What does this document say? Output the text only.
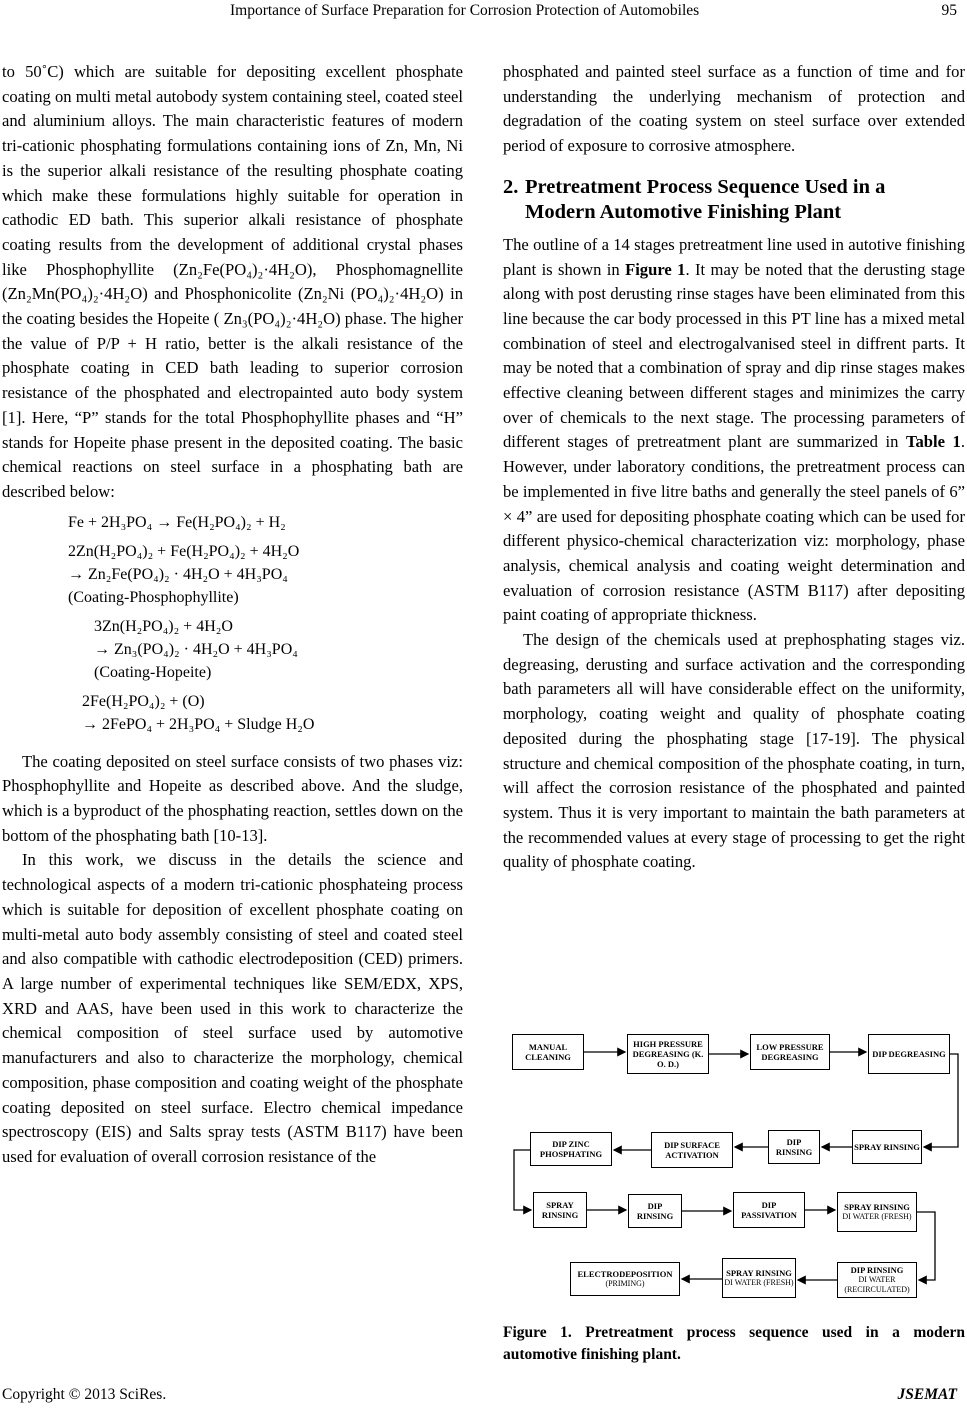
Importance of Surface Preparation for Corrosion Protection of Automobiles	95

to 50˚C) which are suitable for depositing excellent phosphate coating on multi metal autobody system containing steel, coated steel and aluminium alloys. The main characteristic features of modern tri-cationic phosphating formulations containing ions of Zn, Mn, Ni is the superior alkali resistance of the resulting phosphate coating which make these formulations highly suitable for operation in cathodic ED bath. This superior alkali resistance of phosphate coating results from the development of additional crystal phases like Phosphophyllite (Zn₂Fe(PO₄)₂·4H₂O), Phosphomagnellite (Zn₂Mn(PO₄)₂·4H₂O) and Phosphonicolite (Zn₂Ni (PO₄)₂·4H₂O) in the coating besides the Hopeite ( Zn₃(PO₄)₂·4H₂O) phase. The higher the value of P/P + H ratio, better is the alkali resistance of the phosphate coating in CED bath leading to superior corrosion resistance of the phosphated and electropainted auto body system [1]. Here, “P” stands for the total Phosphophyllite phases and “H” stands for Hopeite phase present in the deposited coating. The basic chemical reactions on steel surface in a phosphating bath are described below:

Fe + 2H₃PO₄ → Fe(H₂PO₄)₂ + H₂
2Zn(H₂PO₄)₂ + Fe(H₂PO₄)₂ + 4H₂O
→ Zn₂Fe(PO₄)₂ · 4H₂O + 4H₃PO₄
(Coating-Phosphophyllite)
3Zn(H₂PO₄)₂ + 4H₂O
→ Zn₃(PO₄)₂ · 4H₂O + 4H₃PO₄
(Coating-Hopeite)
2Fe(H₂PO₄)₂ + (O)
→ 2FePO₄ + 2H₃PO₄ + Sludge H₂O

The coating deposited on steel surface consists of two phases viz: Phosphophyllite and Hopeite as described above. And the sludge, which is a byproduct of the phosphating reaction, settles down on the bottom of the phosphating bath [10-13].

In this work, we discuss in the details the science and technological aspects of a modern tri-cationic phosphateing process which is suitable for deposition of excellent phosphate coating on multi-metal auto body assembly consisting of steel and coated steel and also compatible with cathodic electrodeposition (CED) primers. A large number of experimental techniques like SEM/EDX, XPS, XRD and AAS, have been used in this work to characterize the chemical composition of steel surface used by automotive manufacturers and also to characterize the morphology, chemical composition, phase composition and coating weight of the phosphate coating deposited on steel surface. Electro chemical impedance spectroscopy (EIS) and Salts spray tests (ASTM B117) have been used for evaluation of overall corrosion resistance of the

phosphated and painted steel surface as a function of time and for understanding the underlying mechanism of protection and degradation of the coating system on steel surface over extended period of exposure to corrosive atmosphere.

2. Pretreatment Process Sequence Used in a
Modern Automotive Finishing Plant

The outline of a 14 stages pretreatment line used in autotive finishing plant is shown in Figure 1. It may be noted that the derusting stage along with post derusting rinse stages have been eliminated from this line because the car body processed in this PT line has a mixed metal combination of steel and electrogalvanised steel in diffrent parts. It may be noted that a combination of spray and dip rinse stages makes effective cleaning between different stages and minimizes the carry over of chemicals to the next stage. The processing parameters of different stages of pretreatment plant are summarized in Table 1. However, under laboratory conditions, the pretreatment process can be implemented in five litre baths and generally the steel panels of 6” × 4” are used for depositing phosphate coating which can be used for different physico-chemical characterization viz: morphology, phase analysis, chemical analysis and coating weight determination and evaluation of corrosion resistance (ASTM B117) after depositing paint coating of appropriate thickness.

The design of the chemicals used at prephosphating stages viz. degreasing, derusting and surface activation and the corresponding bath parameters all will have considerable effect on the uniformity, morphology, coating weight and quality of phosphate coating deposited during the phosphating stage [17-19]. The physical structure and chemical composition of the phosphate coating, in turn, will affect the corrosion resistance of the phosphated and painted system. Thus it is very important to maintain the bath parameters at the recommended values at every stage of processing to get the right quality of phosphate coating.

Figure 1. Pretreatment process sequence used in a modern automotive finishing plant.
Copyright © 2013 SciRes.	JSEMAT
MANUAL CLEANING
HIGH PRESSURE DEGREASING (K. O. D.)
LOW PRESSURE DEGREASING	DIP DEGREASING
SPRAY RINSING
DIP RINSING
DIP SURFACE ACTIVATION
DIP ZINC PHOSPHATING
SPRAY RINSING
DIP RINSING
DIP PASSIVATION
SPRAY RINSING
DI WATER (FRESH)
DIP RINSING
DI WATER (RECIRCULATED)
SPRAY RINSING
DI WATER (FRESH)
ELECTRODEPOSITION
(PRIMING)
